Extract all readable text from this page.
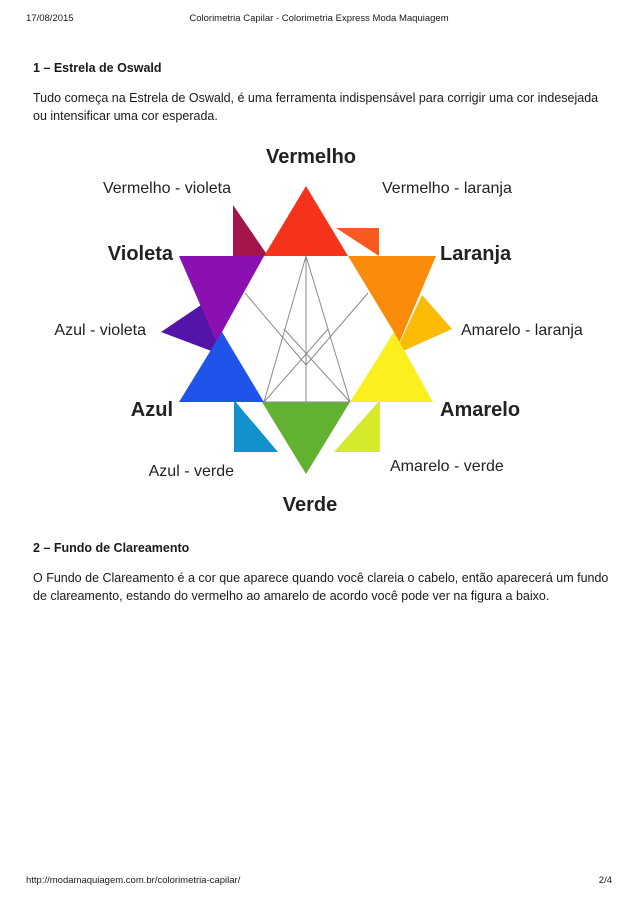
17/08/2015	Colorimetria Capilar - Colorimetria Express Moda Maquiagem
1 – Estrela de Oswald
Tudo começa na Estrela de Oswald, é uma ferramenta indispensável para corrigir uma cor indesejada ou intensificar uma cor esperada.
Vermelho
Laranja
Amarelo
Verde
Azul
Violeta
Vermelho - laranja
Amarelo - laranja
Amarelo - verde
Azul - verde
Azul - violeta
Vermelho - violeta
2 – Fundo de Clareamento
O Fundo de Clareamento é a cor que aparece quando você clareia o cabelo, então aparecerá um fundo de clareamento, estando do vermelho ao amarelo de acordo você pode ver na figura a baixo.
http://modamaquiagem.com.br/colorimetria-capilar/	2/4
